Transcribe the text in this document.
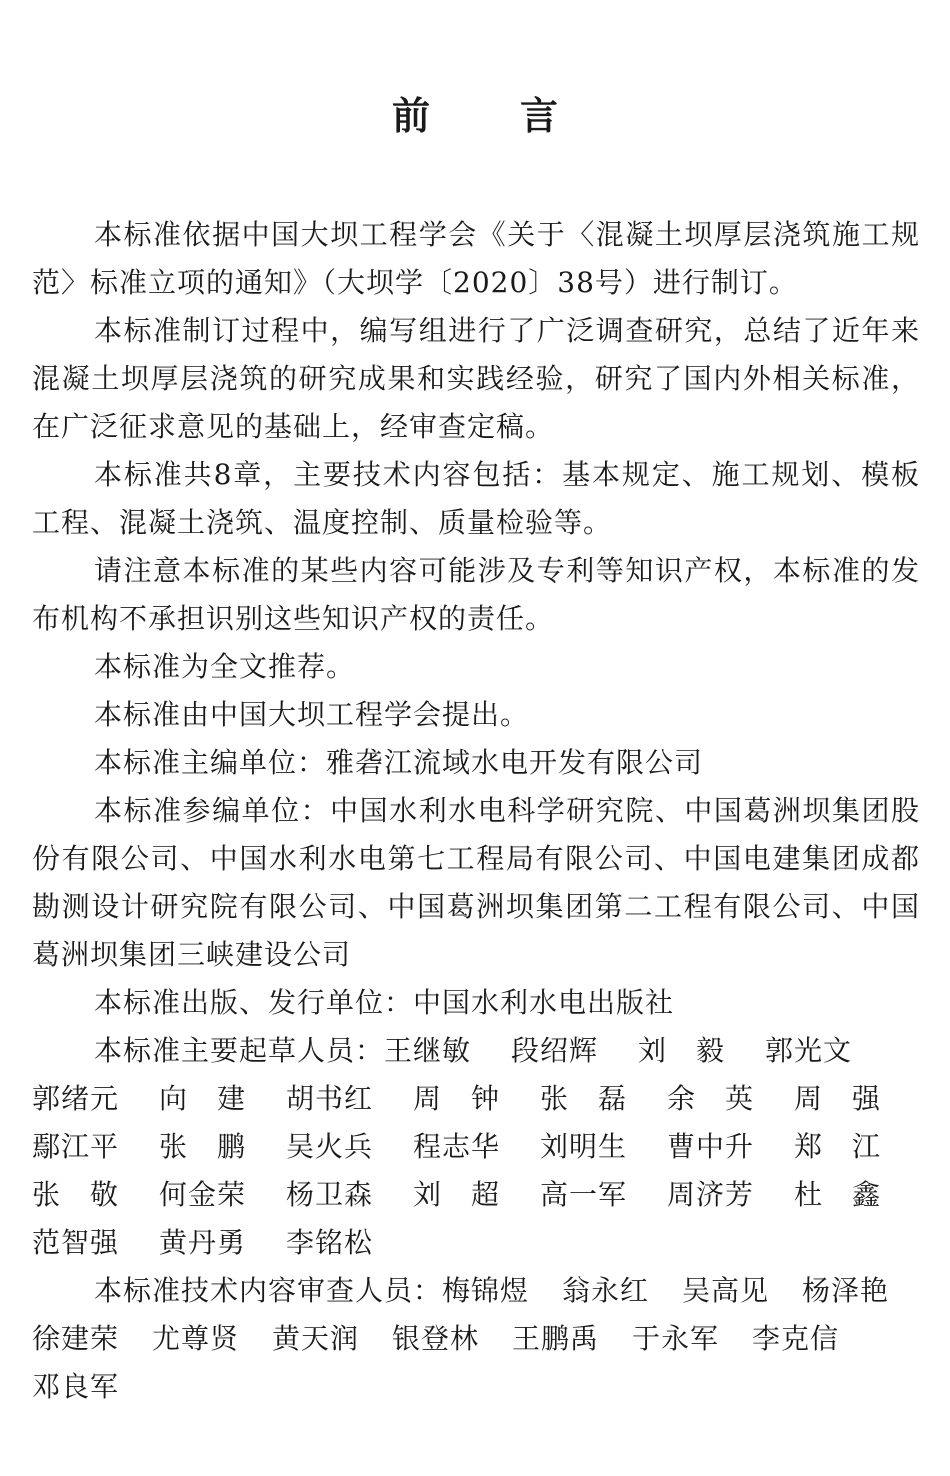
前言

本标准依据中国大坝工程学会《关于〈混凝土坝厚层浇筑施工规范〉标准立项的通知》（大坝学〔2020〕38号）进行制订。

本标准制订过程中，编写组进行了广泛调查研究，总结了近年来混凝土坝厚层浇筑的研究成果和实践经验，研究了国内外相关标准，在广泛征求意见的基础上，经审查定稿。

本标准共8章，主要技术内容包括：基本规定、施工规划、模板工程、混凝土浇筑、温度控制、质量检验等。

请注意本标准的某些内容可能涉及专利等知识产权，本标准的发布机构不承担识别这些知识产权的责任。

本标准为全文推荐。

本标准由中国大坝工程学会提出。

本标准主编单位：雅砻江流域水电开发有限公司

本标准参编单位：中国水利水电科学研究院、中国葛洲坝集团股份有限公司、中国水利水电第七工程局有限公司、中国电建集团成都勘测设计研究院有限公司、中国葛洲坝集团第二工程有限公司、中国葛洲坝集团三峡建设公司

本标准出版、发行单位：中国水利水电出版社

本标准主要起草人员： 王继敏	段绍辉	刘　毅	郭光文
郭绪元	向　建	胡书红	周　钟	张　磊	余　英	周　强
鄢江平	张　鹏	吴火兵	程志华	刘明生	曹中升	郑　江
张　敬	何金荣	杨卫森	刘　超	高一军	周济芳	杜　鑫
范智强	黄丹勇	李铭松
本标准技术内容审查人员： 梅锦煜	翁永红	吴高见	杨泽艳
徐建荣	尤尊贤	黄天润	银登林	王鹏禹	于永军	李克信
邓良军
